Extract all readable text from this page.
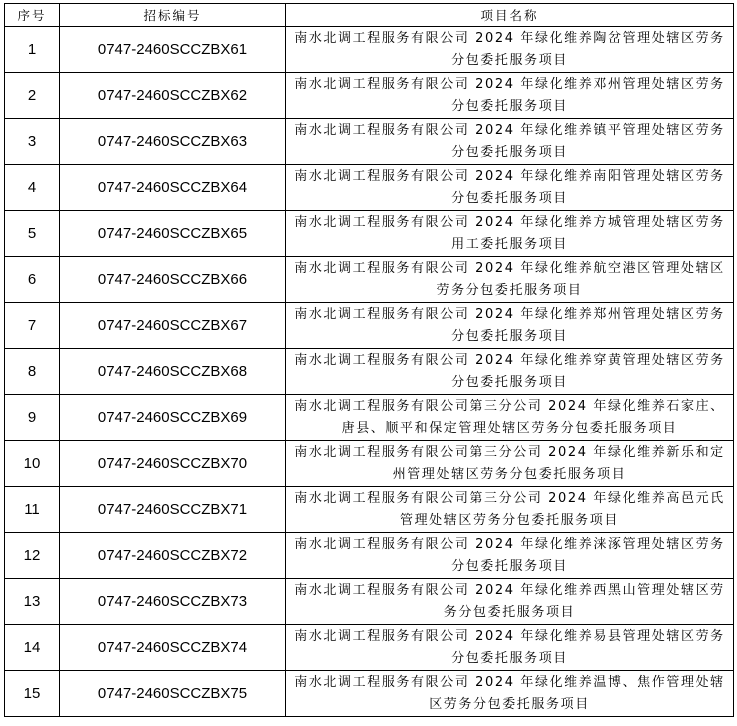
序号	招标编号	项目名称
1	0747-2460SCCZBX61	南水北调工程服务有限公司 2024 年绿化维养陶岔管理处辖区劳务分包委托服务项目
2	0747-2460SCCZBX62	南水北调工程服务有限公司 2024 年绿化维养邓州管理处辖区劳务分包委托服务项目
3	0747-2460SCCZBX63	南水北调工程服务有限公司 2024 年绿化维养镇平管理处辖区劳务分包委托服务项目
4	0747-2460SCCZBX64	南水北调工程服务有限公司 2024 年绿化维养南阳管理处辖区劳务分包委托服务项目
5	0747-2460SCCZBX65	南水北调工程服务有限公司 2024 年绿化维养方城管理处辖区劳务用工委托服务项目
6	0747-2460SCCZBX66	南水北调工程服务有限公司 2024 年绿化维养航空港区管理处辖区劳务分包委托服务项目
7	0747-2460SCCZBX67	南水北调工程服务有限公司 2024 年绿化维养郑州管理处辖区劳务分包委托服务项目
8	0747-2460SCCZBX68	南水北调工程服务有限公司 2024 年绿化维养穿黄管理处辖区劳务分包委托服务项目
9	0747-2460SCCZBX69	南水北调工程服务有限公司第三分公司 2024 年绿化维养石家庄、唐县、顺平和保定管理处辖区劳务分包委托服务项目
10	0747-2460SCCZBX70	南水北调工程服务有限公司第三分公司 2024 年绿化维养新乐和定州管理处辖区劳务分包委托服务项目
11	0747-2460SCCZBX71	南水北调工程服务有限公司第三分公司 2024 年绿化维养高邑元氏管理处辖区劳务分包委托服务项目
12	0747-2460SCCZBX72	南水北调工程服务有限公司 2024 年绿化维养涞涿管理处辖区劳务分包委托服务项目
13	0747-2460SCCZBX73	南水北调工程服务有限公司 2024 年绿化维养西黑山管理处辖区劳务分包委托服务项目
14	0747-2460SCCZBX74	南水北调工程服务有限公司 2024 年绿化维养易县管理处辖区劳务分包委托服务项目
15	0747-2460SCCZBX75	南水北调工程服务有限公司 2024 年绿化维养温博、焦作管理处辖区劳务分包委托服务项目
